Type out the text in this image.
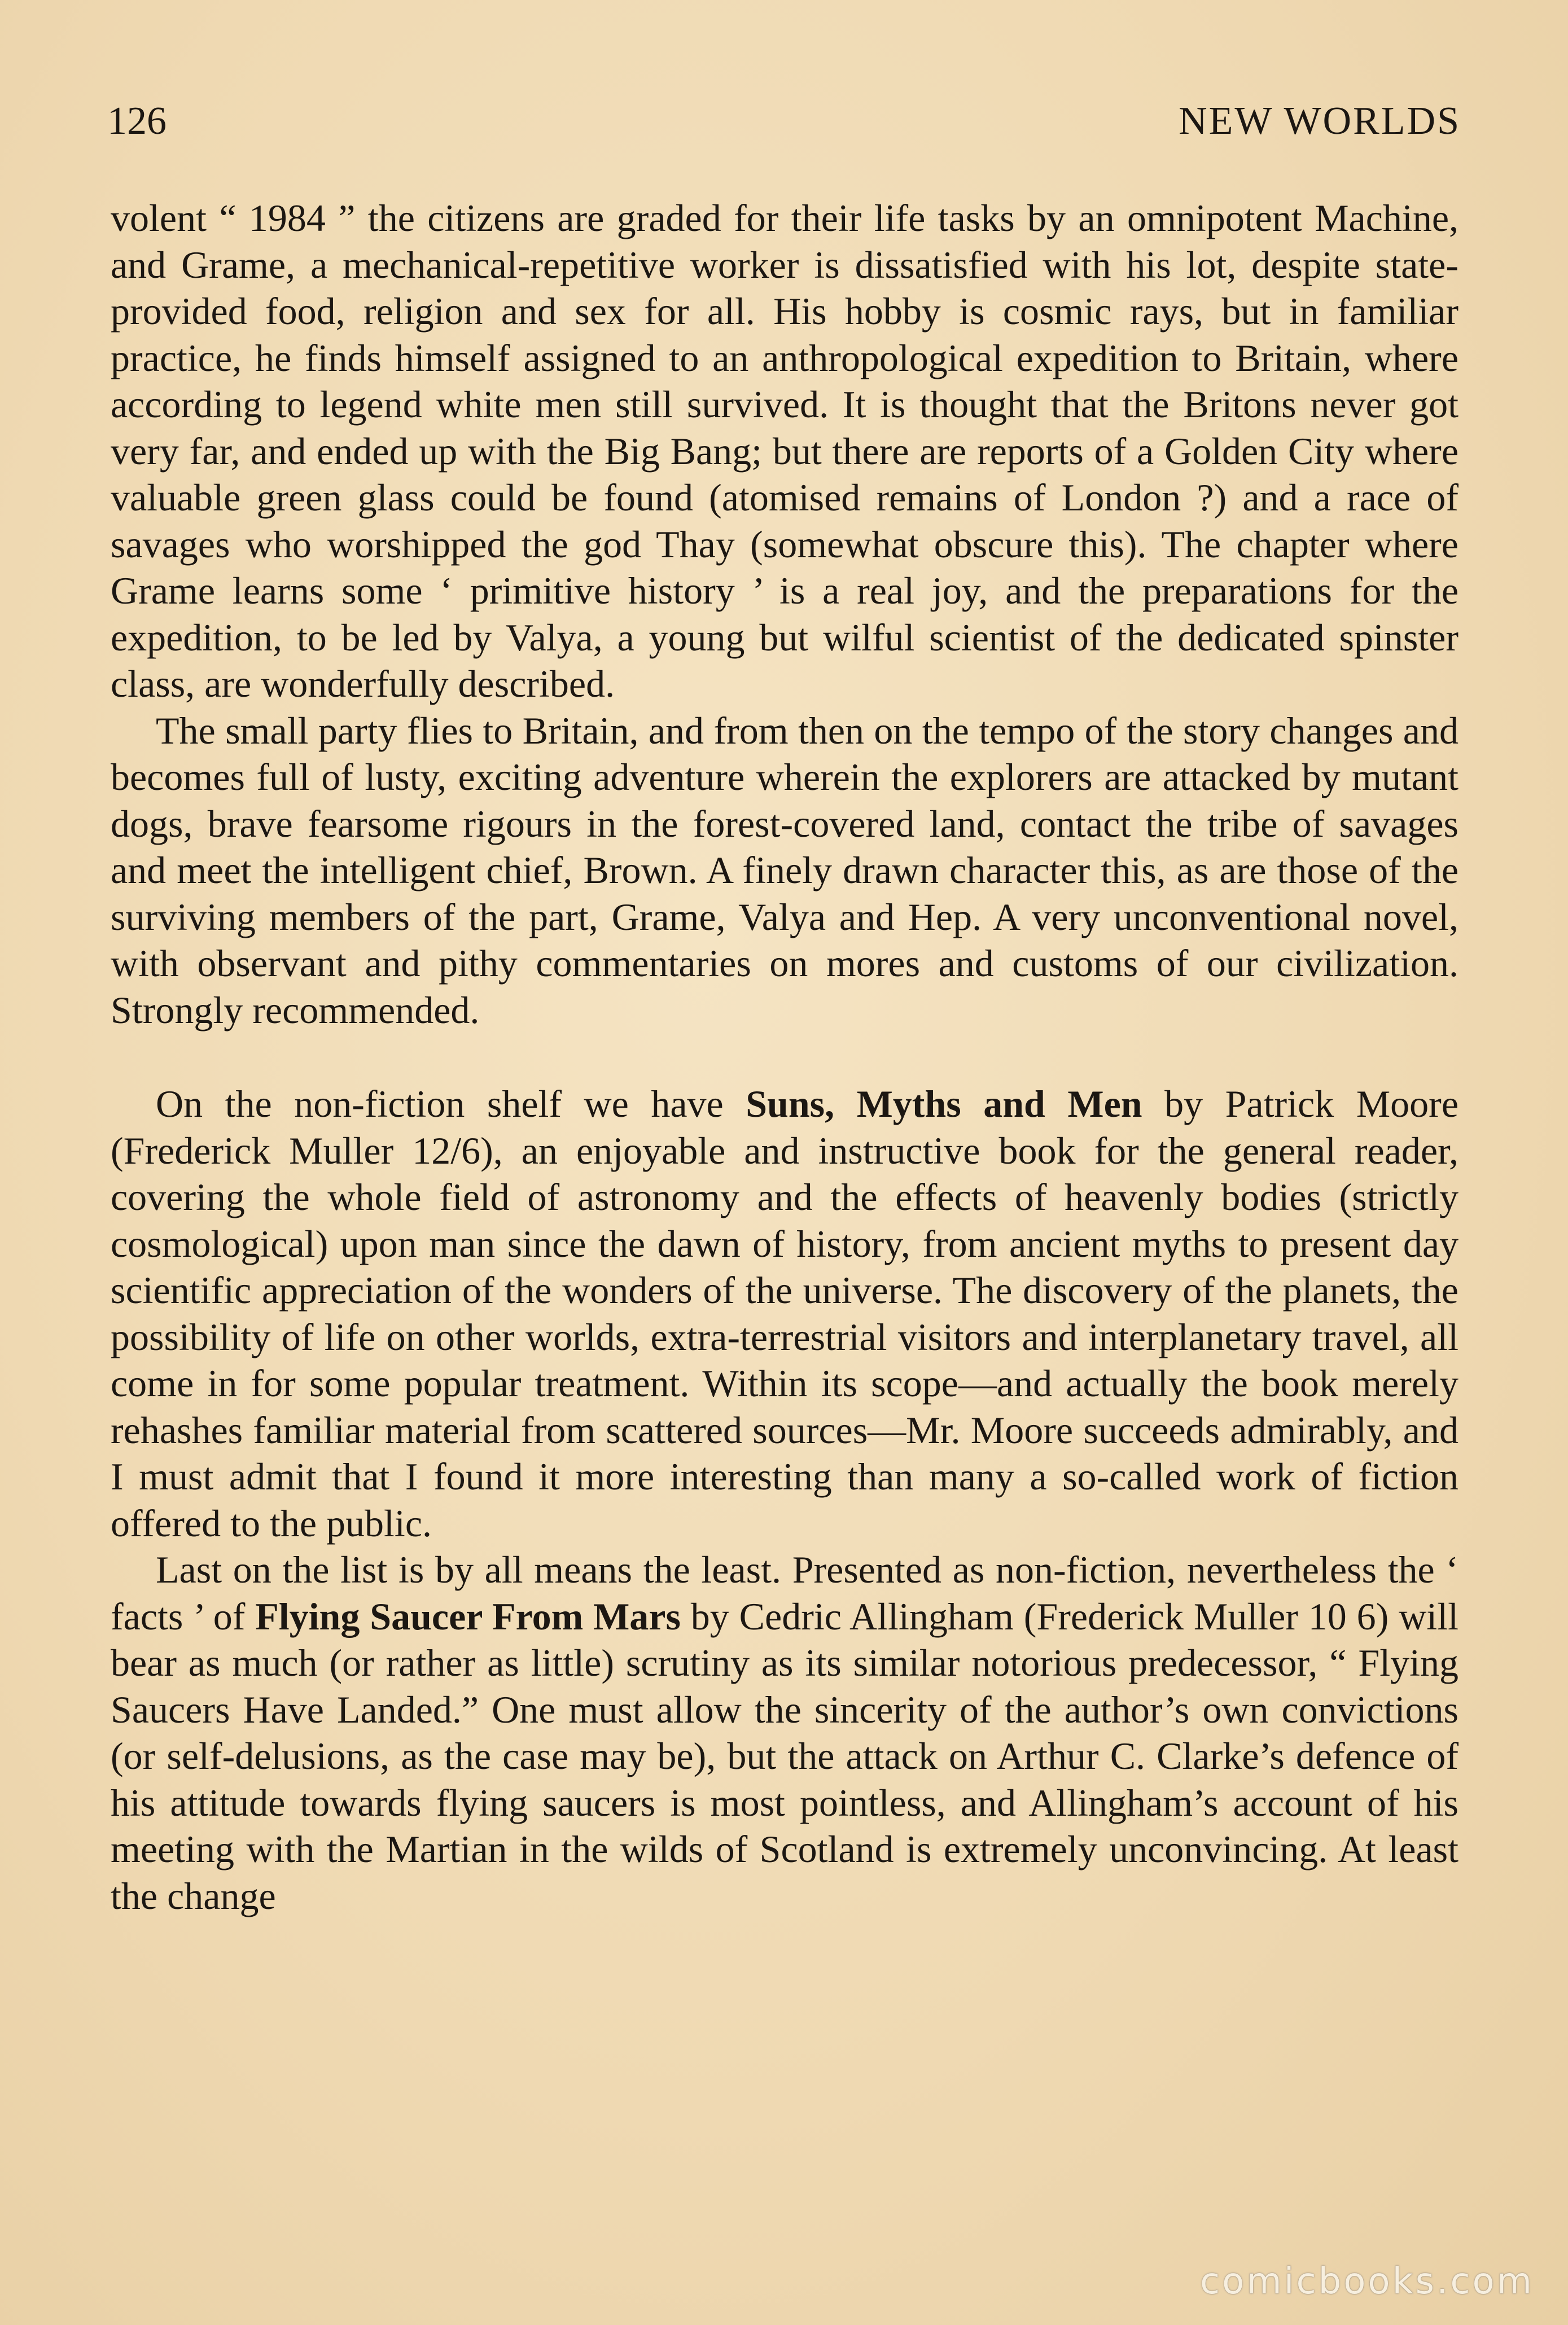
126	NEW WORLDS

volent “ 1984 ” the citizens are graded for their life tasks by an omnipotent Machine, and Grame, a mechanical-repetitive worker is dissatisfied with his lot, despite state-provided food, religion and sex for all. His hobby is cosmic rays, but in familiar practice, he finds himself assigned to an anthropological expedition to Britain, where according to legend white men still survived. It is thought that the Britons never got very far, and ended up with the Big Bang; but there are reports of a Golden City where valuable green glass could be found (atomised remains of London ?) and a race of savages who worshipped the god Thay (somewhat obscure this). The chapter where Grame learns some ‘ primitive history ’ is a real joy, and the preparations for the expedition, to be led by Valya, a young but wilful scientist of the dedicated spinster class, are wonderfully described.

The small party flies to Britain, and from then on the tempo of the story changes and becomes full of lusty, exciting adventure wherein the explorers are attacked by mutant dogs, brave fearsome rigours in the forest-covered land, contact the tribe of savages and meet the intelligent chief, Brown. A finely drawn character this, as are those of the surviving members of the part, Grame, Valya and Hep. A very unconventional novel, with observant and pithy commentaries on mores and customs of our civilization. Strongly recommended.

On the non-fiction shelf we have Suns, Myths and Men by Patrick Moore (Frederick Muller 12/6), an enjoyable and instructive book for the general reader, covering the whole field of astronomy and the effects of heavenly bodies (strictly cosmological) upon man since the dawn of history, from ancient myths to present day scientific appreciation of the wonders of the universe. The discovery of the planets, the possibility of life on other worlds, extra-terrestrial visitors and interplanetary travel, all come in for some popular treatment. Within its scope—and actually the book merely rehashes familiar material from scattered sources—Mr. Moore succeeds admirably, and I must admit that I found it more interesting than many a so-called work of fiction offered to the public.

Last on the list is by all means the least. Presented as non-fiction, nevertheless the ‘ facts ’ of Flying Saucer From Mars by Cedric Allingham (Frederick Muller 10 6) will bear as much (or rather as little) scrutiny as its similar notorious predecessor, “ Flying Saucers Have Landed.” One must allow the sincerity of the author’s own convictions (or self-delusions, as the case may be), but the attack on Arthur C. Clarke’s defence of his attitude towards flying saucers is most pointless, and Allingham’s account of his meeting with the Martian in the wilds of Scotland is extremely unconvincing. At least the change

comicbooks.com
